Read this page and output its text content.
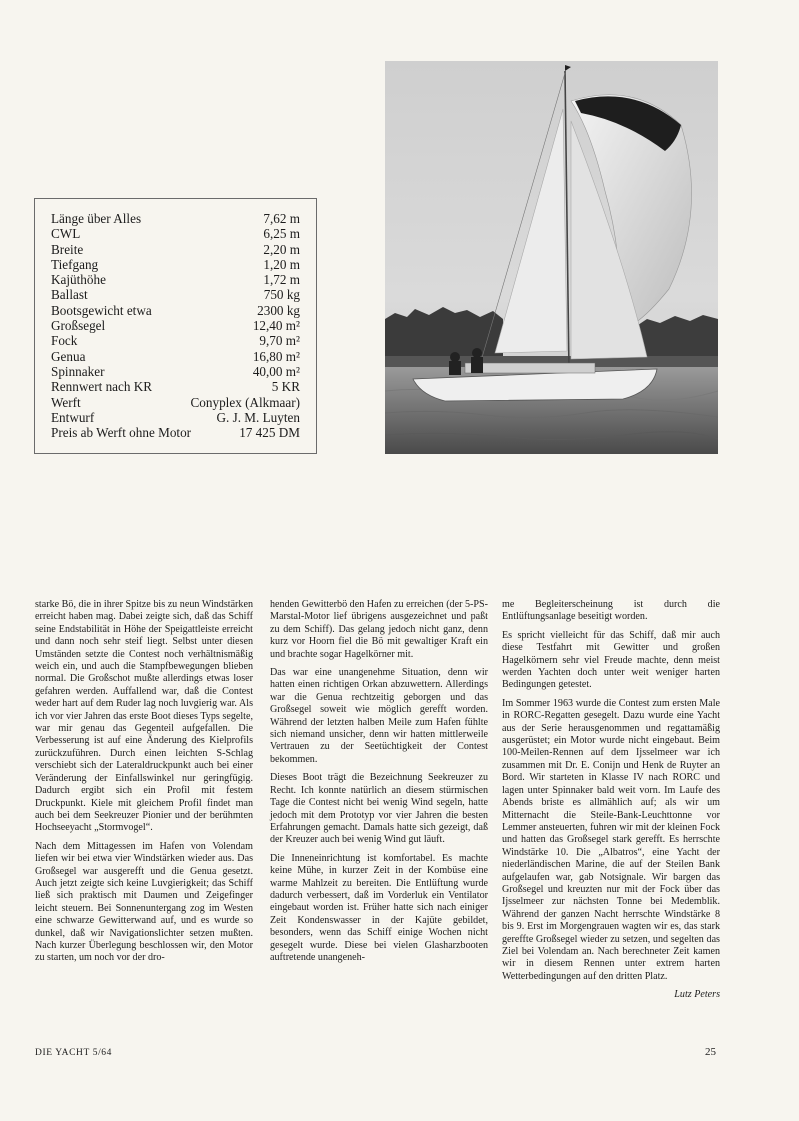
Länge über Alles	7,62 m
CWL	6,25 m
Breite	2,20 m
Tiefgang	1,20 m
Kajüthöhe	1,72 m
Ballast	750 kg
Bootsgewicht etwa	2300 kg
Großsegel	12,40 m²
Fock	9,70 m²
Genua	16,80 m²
Spinnaker	40,00 m²
Rennwert nach KR	5 KR
Werft	Conyplex (Alkmaar)
Entwurf	G. J. M. Luyten
Preis ab Werft ohne Motor	17 425 DM

starke Bö, die in ihrer Spitze bis zu neun Windstärken erreicht haben mag. Dabei zeigte sich, daß das Schiff seine Endstabilität in Höhe der Speigattleiste erreicht und dann noch sehr steif liegt. Selbst unter diesen Umständen setzte die Contest noch verhältnismäßig weich ein, und auch die Stampfbewegungen blieben normal. Die Großschot mußte allerdings etwas loser gefahren werden. Auffallend war, daß die Contest weder hart auf dem Ruder lag noch luvgierig war. Als ich vor vier Jahren das erste Boot dieses Typs segelte, war mir genau das Gegenteil aufgefallen. Die Verbesserung ist auf eine Änderung des Kielprofils zurückzuführen. Durch einen leichten S-Schlag verschiebt sich der Lateraldruckpunkt auch bei einer Veränderung der Einfallswinkel nur geringfügig. Dadurch ergibt sich ein Profil mit festem Druckpunkt. Kiele mit gleichem Profil findet man auch bei dem Seekreuzer Pionier und der berühmten Hochseeyacht „Stormvogel“.

Nach dem Mittagessen im Hafen von Volendam liefen wir bei etwa vier Windstärken wieder aus. Das Großsegel war ausgerefft und die Genua gesetzt. Auch jetzt zeigte sich keine Luvgierigkeit; das Schiff ließ sich praktisch mit Daumen und Zeigefinger leicht steuern. Bei Sonnenuntergang zog im Westen eine schwarze Gewitterwand auf, und es wurde so dunkel, daß wir Navigationslichter setzen mußten. Nach kurzer Überlegung beschlossen wir, den Motor zu starten, um noch vor der dro-

henden Gewitterbö den Hafen zu erreichen (der 5-PS-Marstal-Motor lief übrigens ausgezeichnet und paßt zu dem Schiff). Das gelang jedoch nicht ganz, denn kurz vor Hoorn fiel die Bö mit gewaltiger Kraft ein und brachte sogar Hagelkörner mit.

Das war eine unangenehme Situation, denn wir hatten einen richtigen Orkan abzuwettern. Allerdings war die Genua rechtzeitig geborgen und das Großsegel soweit wie möglich gerefft worden. Während der letzten halben Meile zum Hafen fühlte sich niemand unsicher, denn wir hatten mittlerweile Vertrauen zu der Seetüchtigkeit der Contest bekommen.

Dieses Boot trägt die Bezeichnung Seekreuzer zu Recht. Ich konnte natürlich an diesem stürmischen Tage die Contest nicht bei wenig Wind segeln, hatte jedoch mit dem Prototyp vor vier Jahren die besten Erfahrungen gemacht. Damals hatte sich gezeigt, daß der Kreuzer auch bei wenig Wind gut läuft.

Die Inneneinrichtung ist komfortabel. Es machte keine Mühe, in kurzer Zeit in der Kombüse eine warme Mahlzeit zu bereiten. Die Entlüftung wurde dadurch verbessert, daß im Vorderluk ein Ventilator eingebaut worden ist. Früher hatte sich nach einiger Zeit Kondenswasser in der Kajüte gebildet, besonders, wenn das Schiff einige Wochen nicht gesegelt wurde. Diese bei vielen Glasharzbooten auftretende unangeneh-

me Begleiterscheinung ist durch die Entlüftungsanlage beseitigt worden.

Es spricht vielleicht für das Schiff, daß mir auch diese Testfahrt mit Gewitter und großen Hagelkörnern sehr viel Freude machte, denn meist werden Yachten doch unter weit weniger harten Bedingungen getestet.

Im Sommer 1963 wurde die Contest zum ersten Male in RORC-Regatten gesegelt. Dazu wurde eine Yacht aus der Serie herausgenommen und regattamäßig ausgerüstet; ein Motor wurde nicht eingebaut. Beim 100-Meilen-Rennen auf dem Ijsselmeer war ich zusammen mit Dr. E. Conijn und Henk de Ruyter an Bord. Wir starteten in Klasse IV nach RORC und lagen unter Spinnaker bald weit vorn. Im Laufe des Abends briste es allmählich auf; als wir um Mitternacht die Steile-Bank-Leuchttonne vor Lemmer ansteuerten, fuhren wir mit der kleinen Fock und hatten das Großsegel stark gerefft. Es herrschte Windstärke 10. Die „Albatros“, eine Yacht der niederländischen Marine, die auf der Steilen Bank aufgelaufen war, gab Notsignale. Wir bargen das Großsegel und kreuzten nur mit der Fock über das Ijsselmeer zur nächsten Tonne bei Medemblik. Während der ganzen Nacht herrschte Windstärke 8 bis 9. Erst im Morgengrauen wagten wir es, das stark gereffte Großsegel wieder zu setzen, und segelten das Ziel bei Volendam an. Nach berechneter Zeit kamen wir in diesem Rennen unter extrem harten Wetterbedingungen auf den dritten Platz.

Lutz Peters
DIE YACHT 5/64	25
